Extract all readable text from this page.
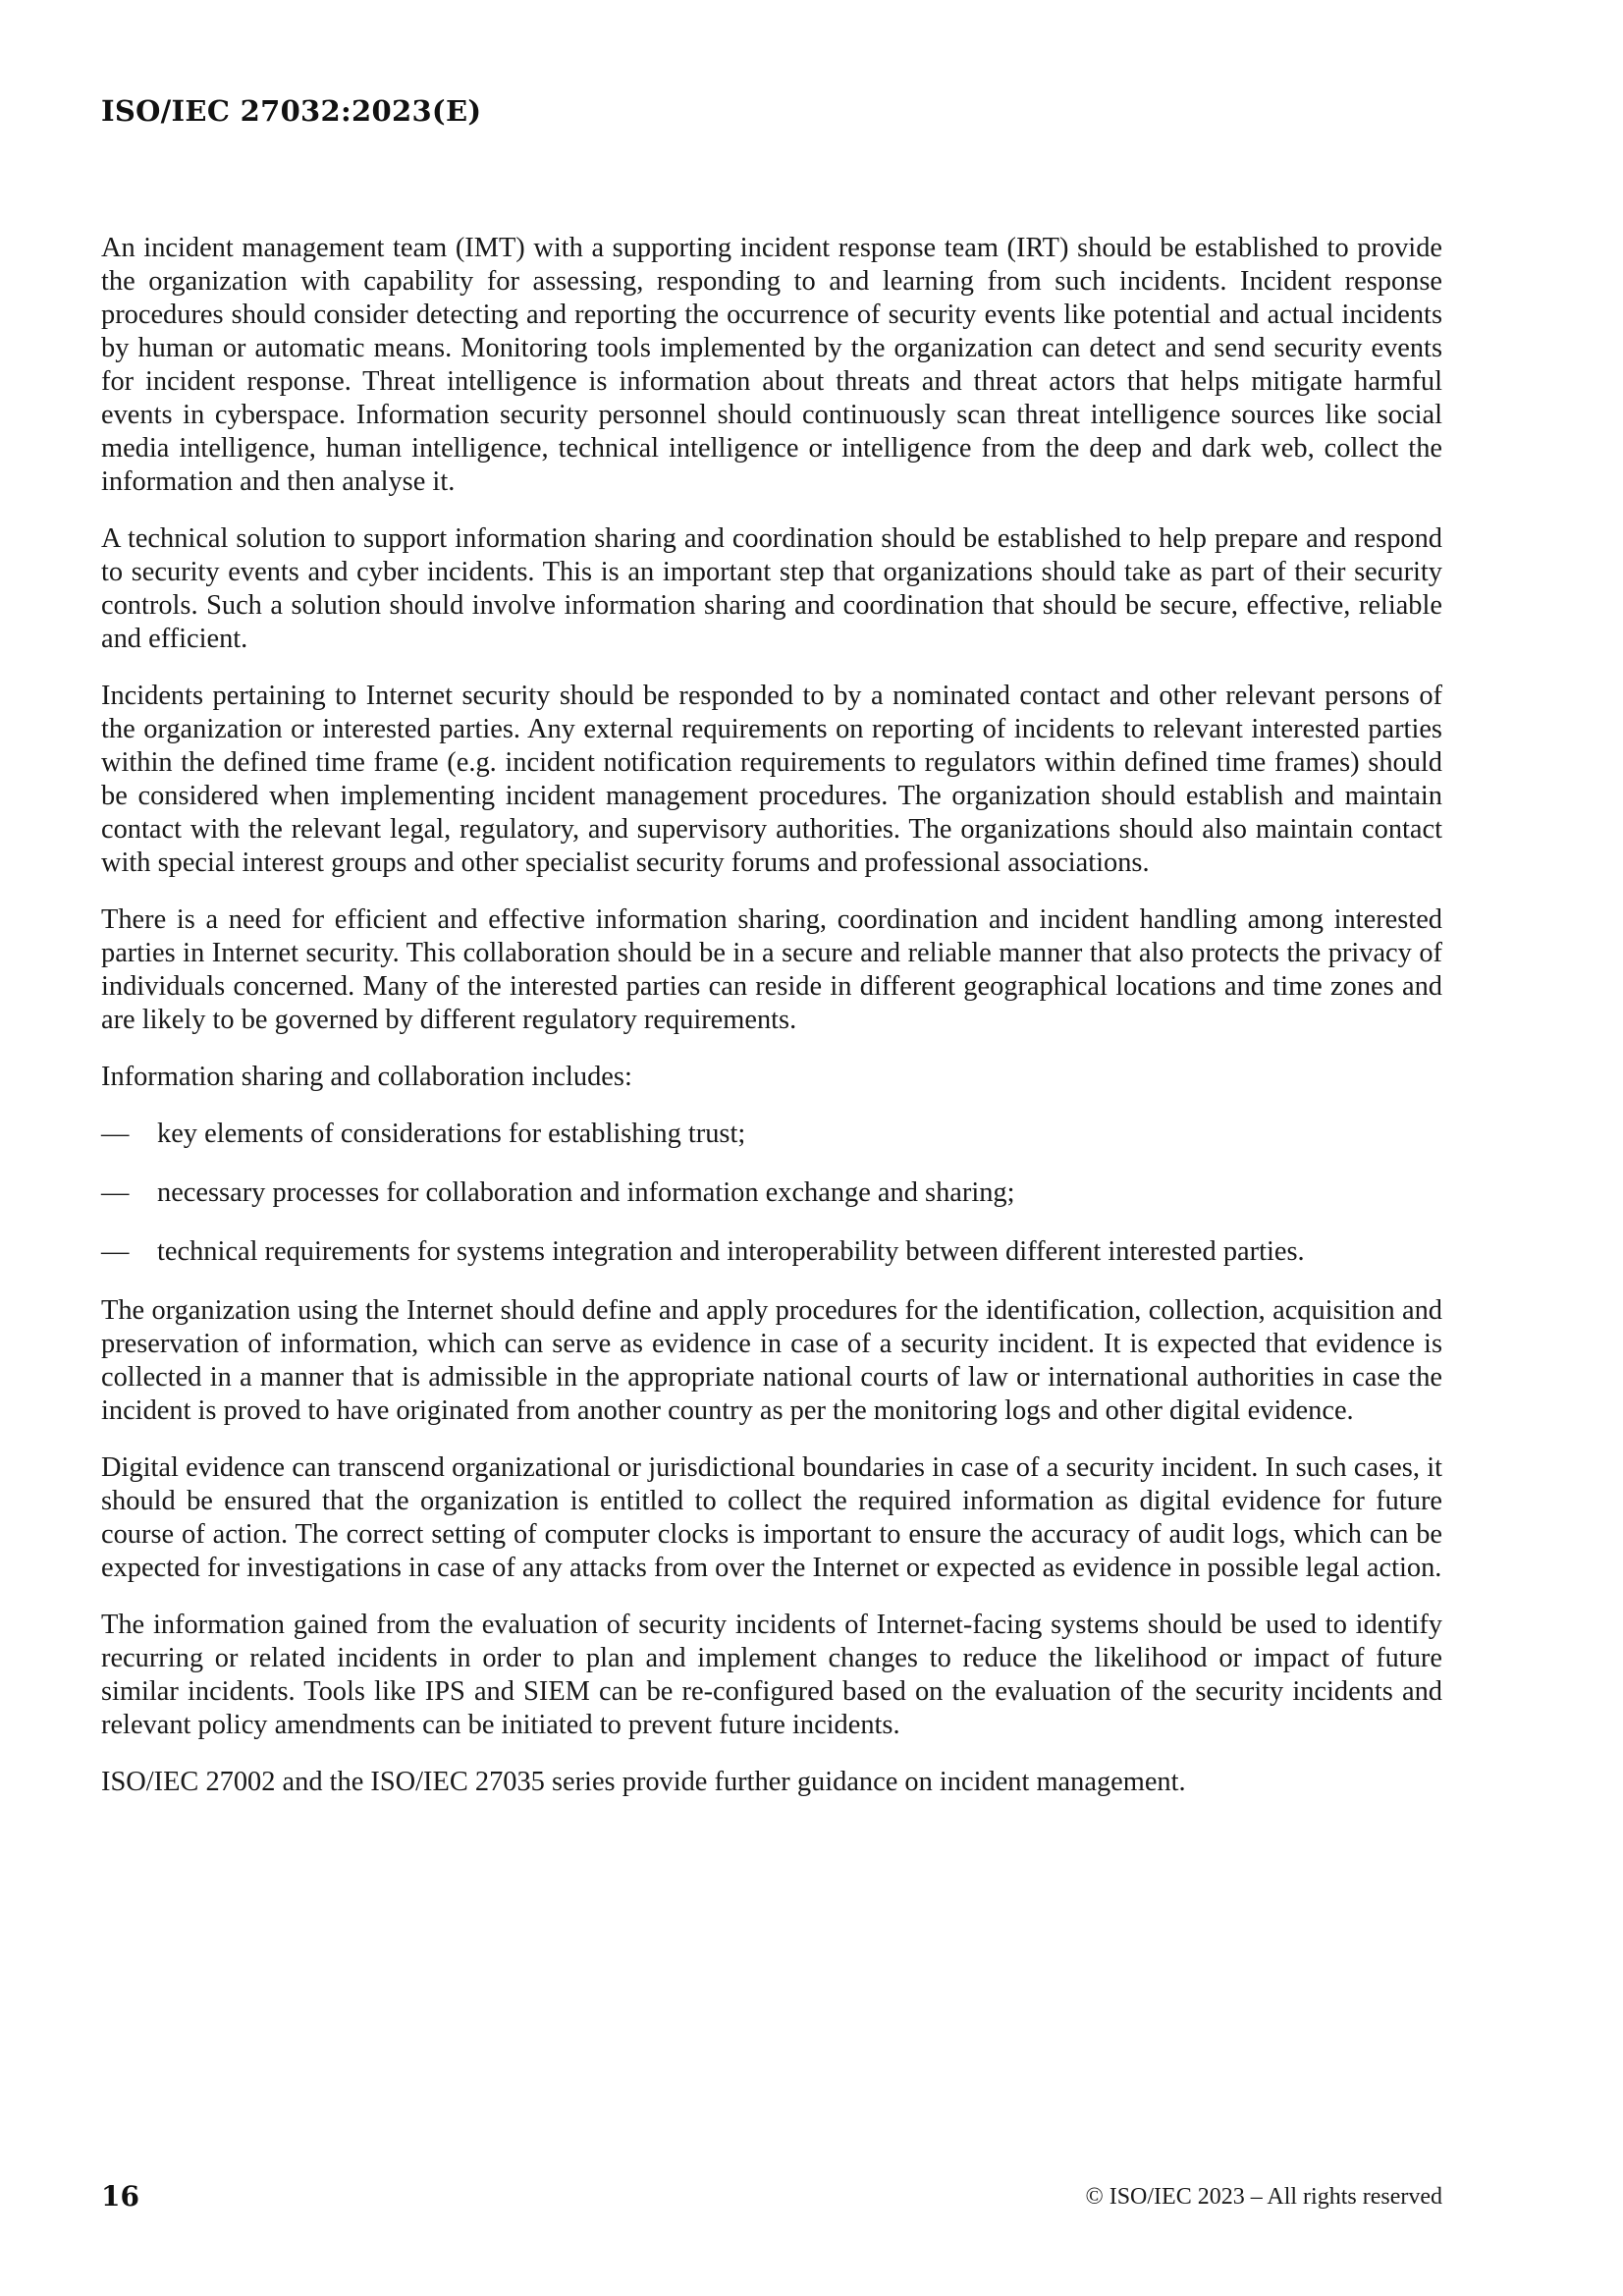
ISO/IEC 27032:2023(E)

An incident management team (IMT) with a supporting incident response team (IRT) should be established to provide the organization with capability for assessing, responding to and learning from such incidents. Incident response procedures should consider detecting and reporting the occurrence of security events like potential and actual incidents by human or automatic means. Monitoring tools implemented by the organization can detect and send security events for incident response. Threat intelligence is information about threats and threat actors that helps mitigate harmful events in cyberspace. Information security personnel should continuously scan threat intelligence sources like social media intelligence, human intelligence, technical intelligence or intelligence from the deep and dark web, collect the information and then analyse it.

A technical solution to support information sharing and coordination should be established to help prepare and respond to security events and cyber incidents. This is an important step that organizations should take as part of their security controls. Such a solution should involve information sharing and coordination that should be secure, effective, reliable and efficient.

Incidents pertaining to Internet security should be responded to by a nominated contact and other relevant persons of the organization or interested parties. Any external requirements on reporting of incidents to relevant interested parties within the defined time frame (e.g. incident notification requirements to regulators within defined time frames) should be considered when implementing incident management procedures. The organization should establish and maintain contact with the relevant legal, regulatory, and supervisory authorities. The organizations should also maintain contact with special interest groups and other specialist security forums and professional associations.

There is a need for efficient and effective information sharing, coordination and incident handling among interested parties in Internet security. This collaboration should be in a secure and reliable manner that also protects the privacy of individuals concerned. Many of the interested parties can reside in different geographical locations and time zones and are likely to be governed by different regulatory requirements.

Information sharing and collaboration includes:

— key elements of considerations for establishing trust;
— necessary processes for collaboration and information exchange and sharing;
— technical requirements for systems integration and interoperability between different interested parties.

The organization using the Internet should define and apply procedures for the identification, collection, acquisition and preservation of information, which can serve as evidence in case of a security incident. It is expected that evidence is collected in a manner that is admissible in the appropriate national courts of law or international authorities in case the incident is proved to have originated from another country as per the monitoring logs and other digital evidence.

Digital evidence can transcend organizational or jurisdictional boundaries in case of a security incident. In such cases, it should be ensured that the organization is entitled to collect the required information as digital evidence for future course of action. The correct setting of computer clocks is important to ensure the accuracy of audit logs, which can be expected for investigations in case of any attacks from over the Internet or expected as evidence in possible legal action.

The information gained from the evaluation of security incidents of Internet-facing systems should be used to identify recurring or related incidents in order to plan and implement changes to reduce the likelihood or impact of future similar incidents. Tools like IPS and SIEM can be re-configured based on the evaluation of the security incidents and relevant policy amendments can be initiated to prevent future incidents.

ISO/IEC 27002 and the ISO/IEC 27035 series provide further guidance on incident management.

16	© ISO/IEC 2023 – All rights reserved
